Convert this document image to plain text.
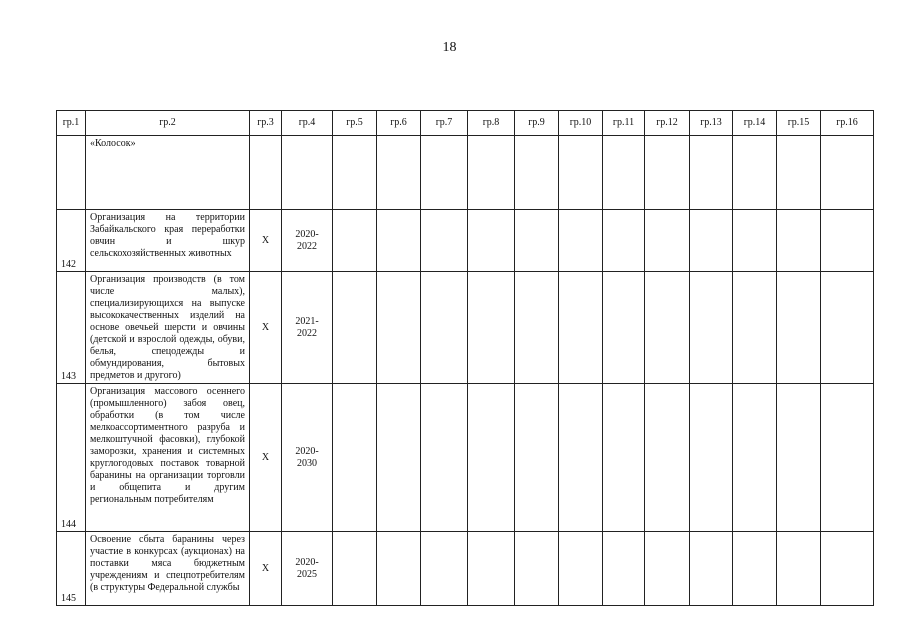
18
гр.1	гр.2	гр.3	гр.4	гр.5	гр.6	гр.7	гр.8	гр.9	гр.10	гр.11	гр.12	гр.13	гр.14	гр.15	гр.16
	«Колосок»														
142	Организация на территории Забайкальского края переработки овчин и шкур сельскохозяйственных животных	X	2020-
2022												
143	Организация производств (в том числе малых), специализирующихся на выпуске высококачественных изделий на основе овечьей шерсти и овчины (детской и взрослой одежды, обуви, белья, спецодежды и обмундирования, бытовых предметов и другого)	X	2021-
2022												
144	Организация массового осеннего (промышленного) забоя овец, обработки (в том числе мелкоассортиментного разруба и мелкоштучной фасовки), глубокой заморозки, хранения и системных круглогодовых поставок товарной баранины на организации торговли и общепита и другим региональным потребителям	X	2020-
2030												
145	Освоение сбыта баранины через участие в конкурсах (аукционах) на поставки мяса бюджетным учреждениям и спецпотребителям (в структуры Федеральной службы	X	2020-
2025												
